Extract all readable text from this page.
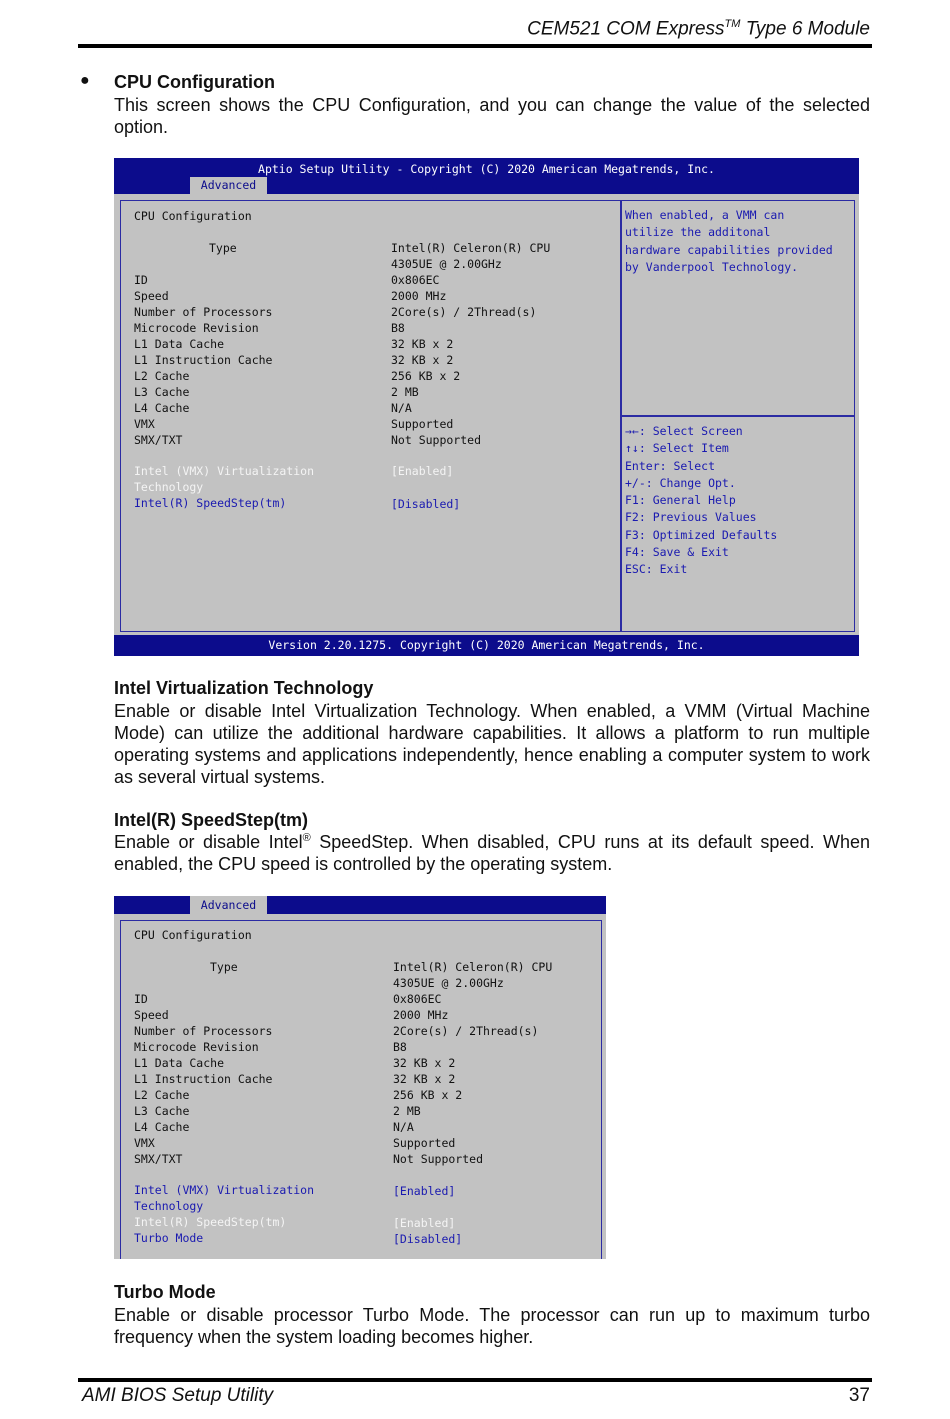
CEM521 COM Express™ Type 6 Module
● CPU Configuration
This screen shows the CPU Configuration, and you can change the value of the selected option.
Aptio Setup Utility - Copyright (C) 2020 American Megatrends, Inc.
Advanced
CPU Configuration
Type	Intel(R) Celeron(R) CPU
4305UE @ 2.00GHz
ID	0x806EC
Speed	2000 MHz
Number of Processors	2Core(s) / 2Thread(s)
Microcode Revision	B8
L1 Data Cache	32 KB x 2
L1 Instruction Cache	32 KB x 2
L2 Cache	256 KB x 2
L3 Cache	2 MB
L4 Cache	N/A
VMX	Supported
SMX/TXT	Not Supported
Intel (VMX) Virtualization
Technology
[Enabled]
Intel(R) SpeedStep(tm)	[Disabled]
When enabled, a VMM can
utilize the additonal
hardware capabilities provided
by Vanderpool Technology.
→←: Select Screen
↑↓: Select Item
Enter: Select
+/-: Change Opt.
F1: General Help
F2: Previous Values
F3: Optimized Defaults
F4: Save & Exit
ESC: Exit
Version 2.20.1275. Copyright (C) 2020 American Megatrends, Inc.
Intel Virtualization Technology
Enable or disable Intel Virtualization Technology. When enabled, a VMM (Virtual Machine Mode) can utilize the additional hardware capabilities. It allows a platform to run multiple operating systems and applications independently, hence enabling a computer system to work as several virtual systems.
Intel(R) SpeedStep(tm)
Enable or disable Intel® SpeedStep. When disabled, CPU runs at its default speed. When enabled, the CPU speed is controlled by the operating system.
Advanced
CPU Configuration
Type	Intel(R) Celeron(R) CPU
4305UE @ 2.00GHz
ID	0x806EC
Speed	2000 MHz
Number of Processors	2Core(s) / 2Thread(s)
Microcode Revision	B8
L1 Data Cache	32 KB x 2
L1 Instruction Cache	32 KB x 2
L2 Cache	256 KB x 2
L3 Cache	2 MB
L4 Cache	N/A
VMX	Supported
SMX/TXT	Not Supported
Intel (VMX) Virtualization
Technology
[Enabled]
Intel(R) SpeedStep(tm)	[Enabled]
Turbo Mode	[Disabled]
Turbo Mode
Enable or disable processor Turbo Mode. The processor can run up to maximum turbo frequency when the system loading becomes higher.
AMI BIOS Setup Utility	37
